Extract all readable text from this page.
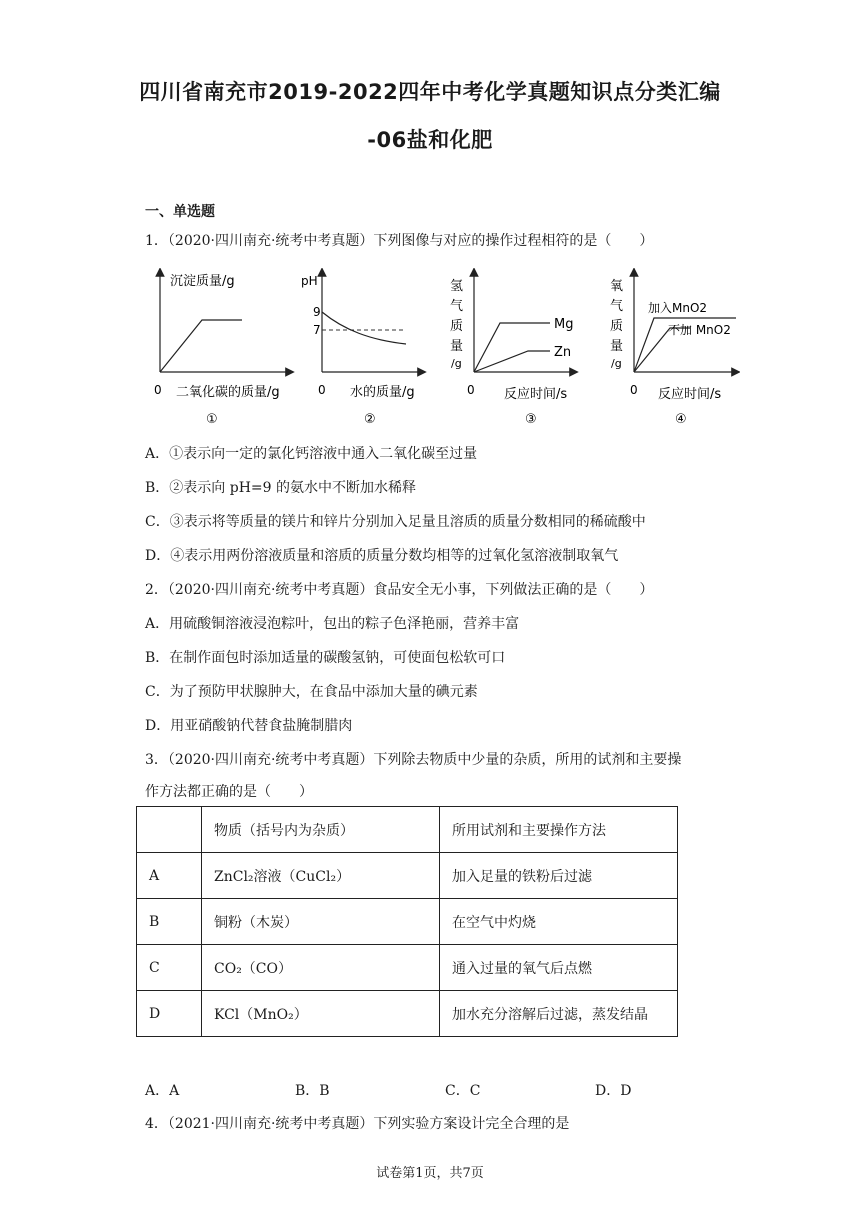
四川省南充市2019-2022四年中考化学真题知识点分类汇编
-06盐和化肥
一、单选题
1．（2020·四川南充·统考中考真题）下列图像与对应的操作过程相符的是（　　）
沉淀质量/g
0 二氧化碳的质量/g
①
pH
9
7
0 水的质量/g
②
氢
气
质
量
/g
Mg
Zn
0 反应时间/s
③
氧
气
质
量
/g
加入MnO2
不加 MnO2
0 反应时间/s
④
A．①表示向一定的氯化钙溶液中通入二氧化碳至过量
B．②表示向 pH=9 的氨水中不断加水稀释
C．③表示将等质量的镁片和锌片分别加入足量且溶质的质量分数相同的稀硫酸中
D．④表示用两份溶液质量和溶质的质量分数均相等的过氧化氢溶液制取氧气
2．（2020·四川南充·统考中考真题）食品安全无小事，下列做法正确的是（　　）
A．用硫酸铜溶液浸泡粽叶，包出的粽子色泽艳丽，营养丰富
B．在制作面包时添加适量的碳酸氢钠，可使面包松软可口
C．为了预防甲状腺肿大，在食品中添加大量的碘元素
D．用亚硝酸钠代替食盐腌制腊肉
3．（2020·四川南充·统考中考真题）下列除去物质中少量的杂质，所用的试剂和主要操
作方法都正确的是（　　）
	物质（括号内为杂质）	所用试剂和主要操作方法
A	ZnCl₂溶液（CuCl₂）	加入足量的铁粉后过滤
B	铜粉（木炭）	在空气中灼烧
C	CO₂（CO）	通入过量的氧气后点燃
D	KCl（MnO₂）	加水充分溶解后过滤，蒸发结晶
A．A	B．B	C．C	D．D
4．（2021·四川南充·统考中考真题）下列实验方案设计完全合理的是
试卷第1页，共7页
